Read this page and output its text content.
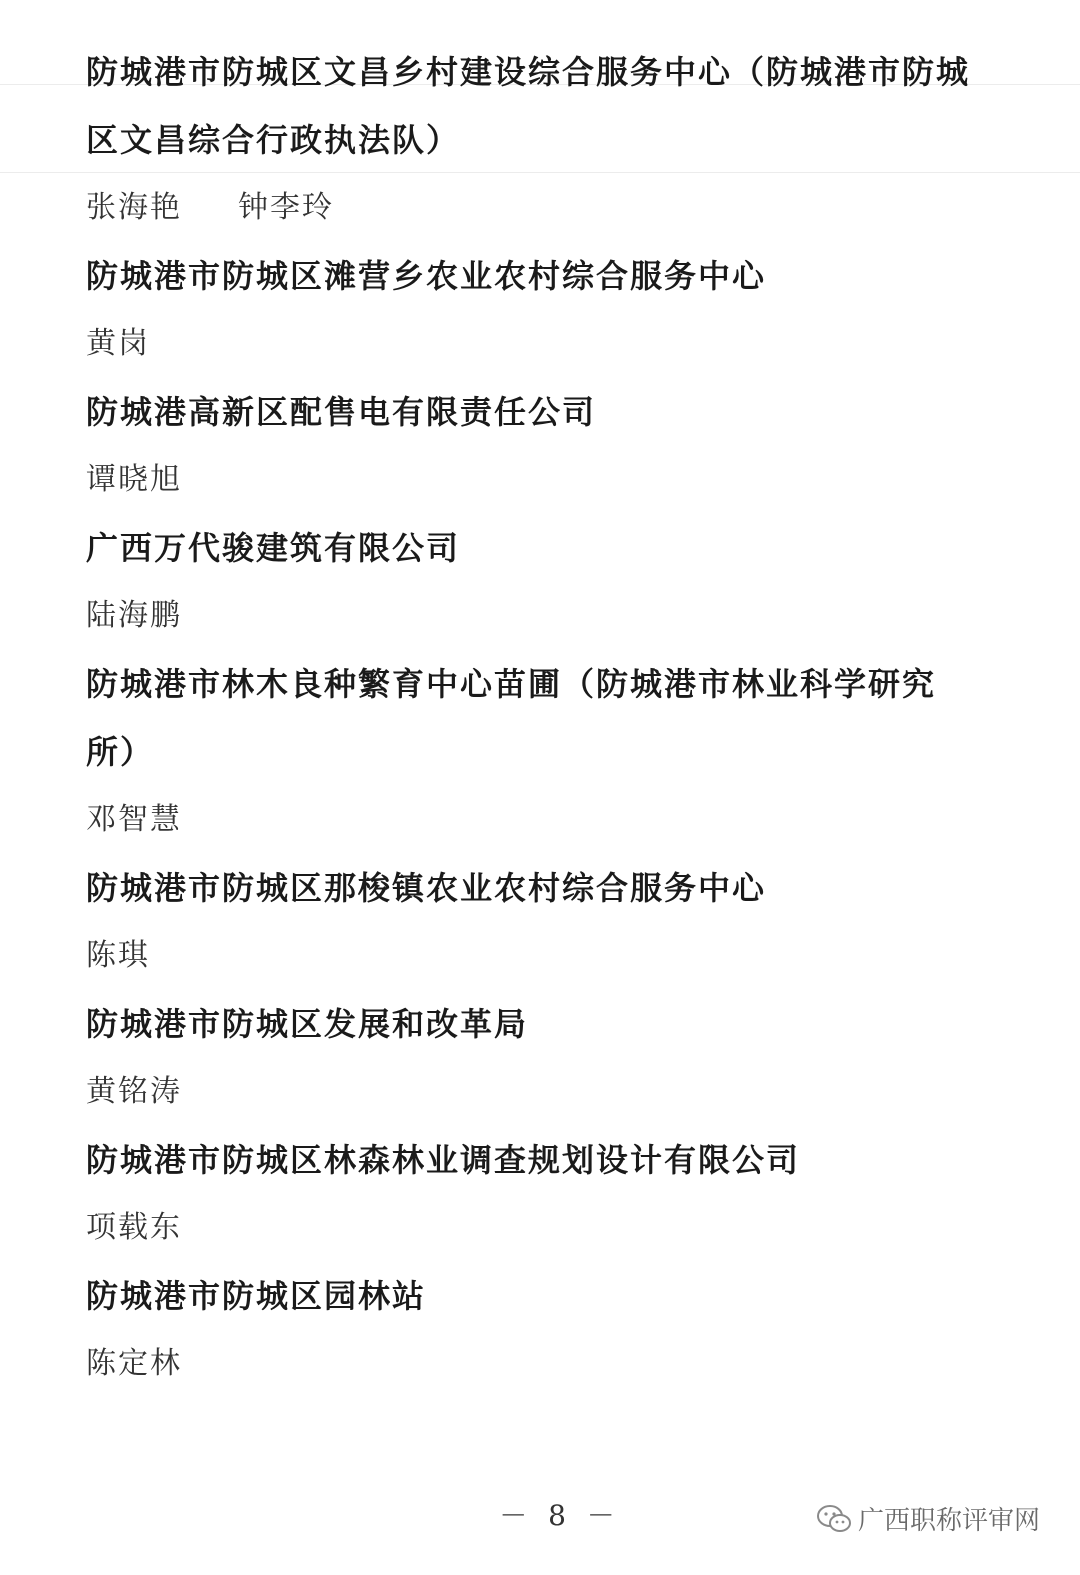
防城港市防城区文昌乡村建设综合服务中心（防城港市防城区文昌综合行政执法队）

张海艳 钟李玲

防城港市防城区滩营乡农业农村综合服务中心

黄岗

防城港高新区配售电有限责任公司

谭晓旭

广西万代骏建筑有限公司

陆海鹏

防城港市林木良种繁育中心苗圃（防城港市林业科学研究所）

邓智慧

防城港市防城区那梭镇农业农村综合服务中心

陈琪

防城港市防城区发展和改革局

黄铭涛

防城港市防城区林森林业调查规划设计有限公司

项载东

防城港市防城区园林站

陈定林

－ 8 －	广西职称评审网
